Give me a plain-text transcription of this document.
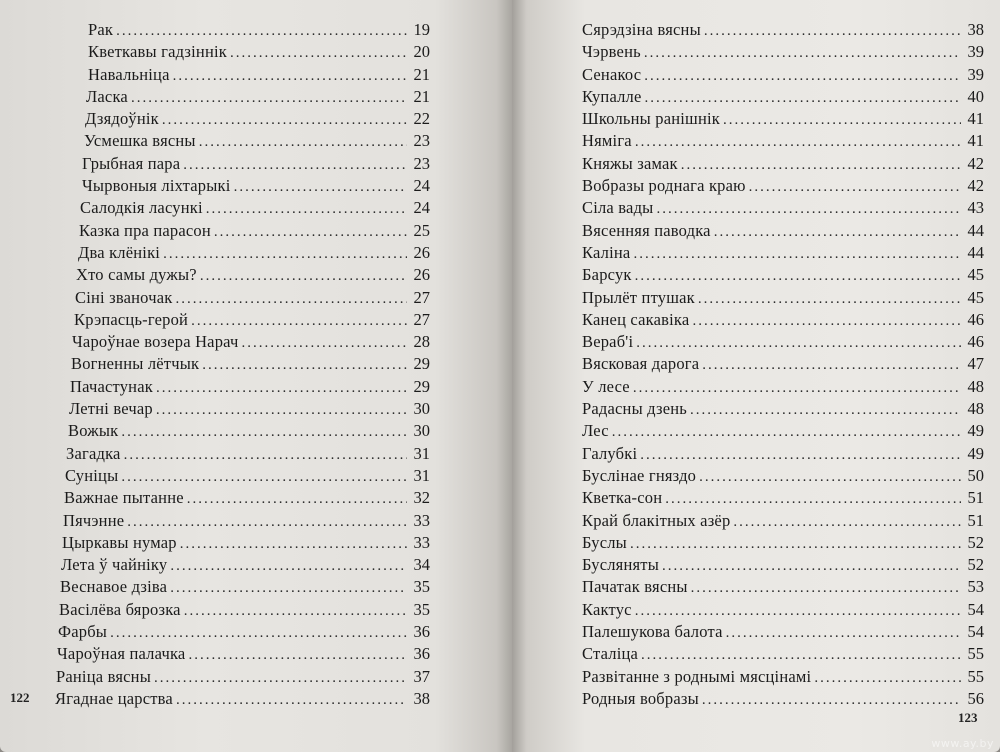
Рак .....	19
Кветкавы гадзіннік .....	20
Навальніца .....	21
Ласка .....	21
Дзядоўнік .....	22
Усмешка вясны .....	23
Грыбная пара .....	23
Чырвоныя ліхтарыкі .....	24
Салодкія ласункі .....	24
Казка пра парасон .....	25
Два клёнікі .....	26
Хто самы дужы? .....	26
Сіні званочак .....	27
Крэпасць-герой .....	27
Чароўнае возера Нарач .....	28
Вогненны лётчык .....	29
Пачастунак .....	29
Летні вечар .....	30
Вожык .....	30
Загадка .....	31
Суніцы .....	31
Важнае пытанне .....	32
Пячэнне .....	33
Цыркавы нумар .....	33
Лета ў чайніку .....	34
Веснавое дзіва .....	35
Васілёва бярозка .....	35
Фарбы .....	36
Чароўная палачка .....	36
Раніца вясны .....	37
Ягаднае царства .....	38
122
Сярэдзіна вясны .....	38
Чэрвень .....	39
Сенакос .....	39
Купалле .....	40
Школьны ранішнік .....	41
Няміга .....	41
Княжы замак .....	42
Вобразы роднага краю .....	42
Сіла вады .....	43
Вясенняя паводка .....	44
Каліна .....	44
Барсук .....	45
Прылёт птушак .....	45
Канец сакавіка .....	46
Вераб'і .....	46
Вясковая дарога .....	47
У лесе .....	48
Радасны дзень .....	48
Лес .....	49
Галубкі .....	49
Буслінае гняздо .....	50
Кветка-сон .....	51
Край блакітных азёр .....	51
Буслы .....	52
Бусляняты .....	52
Пачатак вясны .....	53
Кактус .....	54
Палешукова балота .....	54
Сталіца .....	55
Развітанне з роднымі мясцінамі .....	55
Родныя вобразы .....	56
123
www.ay.by
